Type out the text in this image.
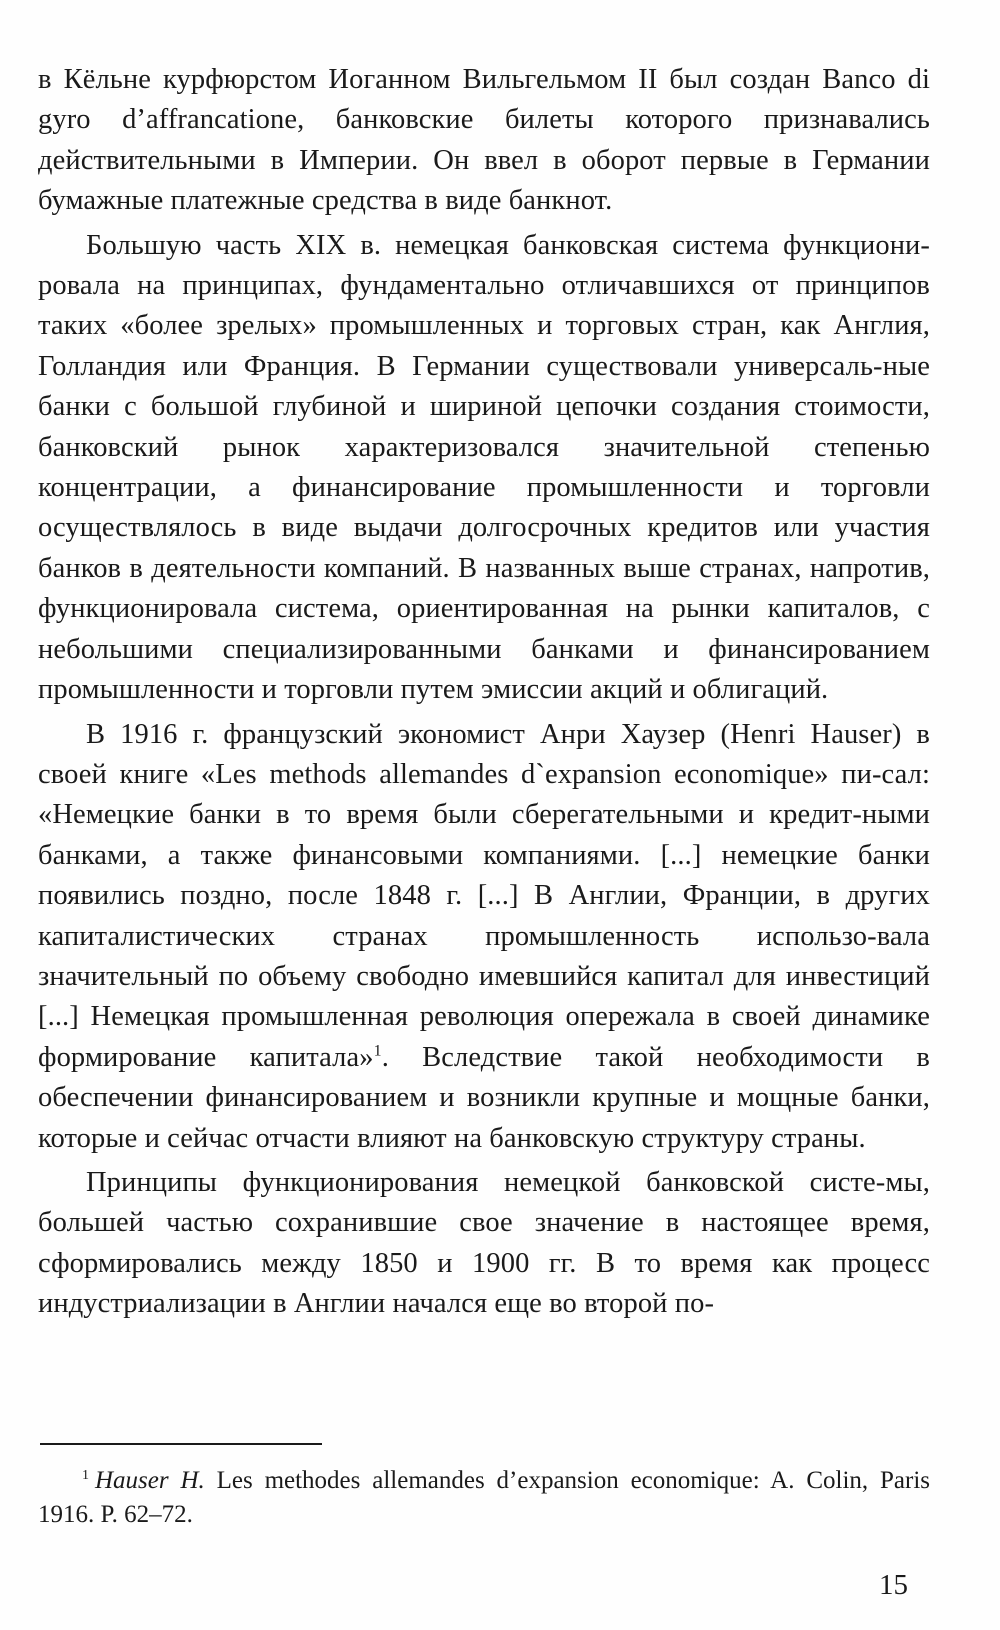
в Кёльне курфюрстом Иоганном Вильгельмом II был создан Banco di gyro d’affrancatione, банковские билеты которого признавались действительными в Империи. Он ввел в оборот первые в Германии бумажные платежные средства в виде банкнот.

Большую часть XIX в. немецкая банковская система функциони-ровала на принципах, фундаментально отличавшихся от принципов таких «более зрелых» промышленных и торговых стран, как Англия, Голландия или Франция. В Германии существовали универсаль-ные банки с большой глубиной и шириной цепочки создания стоимости, банковский рынок характеризовался значительной степенью концентрации, а финансирование промышленности и торговли осуществлялось в виде выдачи долгосрочных кредитов или участия банков в деятельности компаний. В названных выше странах, напротив, функционировала система, ориентированная на рынки капиталов, с небольшими специализированными банками и финансированием промышленности и торговли путем эмиссии акций и облигаций.

В 1916 г. французский экономист Анри Хаузер (Henri Hauser) в своей книге «Les methods allemandes d`expansion economique» пи-сал: «Немецкие банки в то время были сберегательными и кредит-ными банками, а также финансовыми компаниями. [...] немецкие банки появились поздно, после 1848 г. [...] В Англии, Франции, в других капиталистических странах промышленность использо-вала значительный по объему свободно имевшийся капитал для инвестиций [...] Немецкая промышленная революция опережала в своей динамике формирование капитала»$^1$. Вследствие такой необходимости в обеспечении финансированием и возникли крупные и мощные банки, которые и сейчас отчасти влияют на банковскую структуру страны.

Принципы функционирования немецкой банковской систе-мы, большей частью сохранившие свое значение в настоящее время, сформировались между 1850 и 1900 гг. В то время как процесс индустриализации в Англии начался еще во второй по-

$^1$ Hauser H. Les methodes allemandes d’expansion economique: A. Colin, Paris 1916. P. 62–72.

15
